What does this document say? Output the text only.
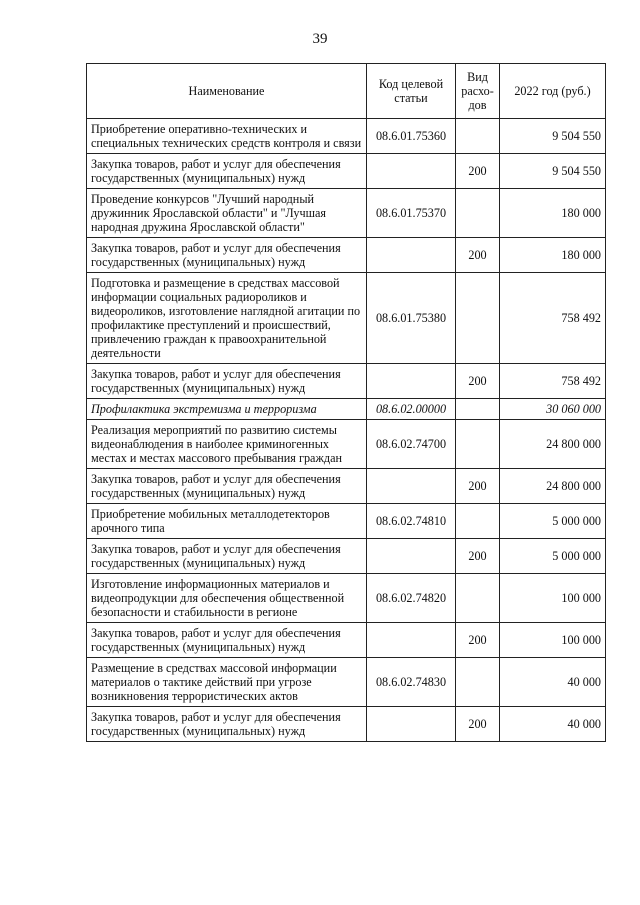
39
Наименование	Код целевой статьи	Вид расхо-дов	2022 год (руб.)
Приобретение оперативно-технических и специальных технических средств контроля и связи	08.6.01.75360		9 504 550
Закупка товаров, работ и услуг для обеспечения государственных (муниципальных) нужд		200	9 504 550
Проведение конкурсов "Лучший народный дружинник Ярославской области" и "Лучшая народная дружина Ярославской области"	08.6.01.75370		180 000
Закупка товаров, работ и услуг для обеспечения государственных (муниципальных) нужд		200	180 000
Подготовка и размещение в средствах массовой информации социальных радиороликов и видеороликов, изготовление наглядной агитации по профилактике преступлений и происшествий, привлечению граждан к правоохранительной деятельности	08.6.01.75380		758 492
Закупка товаров, работ и услуг для обеспечения государственных (муниципальных) нужд		200	758 492
Профилактика экстремизма и терроризма	08.6.02.00000		30 060 000
Реализация мероприятий по развитию системы видеонаблюдения в наиболее криминогенных местах и местах массового пребывания граждан	08.6.02.74700		24 800 000
Закупка товаров, работ и услуг для обеспечения государственных (муниципальных) нужд		200	24 800 000
Приобретение мобильных металлодетекторов арочного типа	08.6.02.74810		5 000 000
Закупка товаров, работ и услуг для обеспечения государственных (муниципальных) нужд		200	5 000 000
Изготовление информационных материалов и видеопродукции для обеспечения общественной безопасности и стабильности в регионе	08.6.02.74820		100 000
Закупка товаров, работ и услуг для обеспечения государственных (муниципальных) нужд		200	100 000
Размещение в средствах массовой информации материалов о тактике действий при угрозе возникновения террористических актов	08.6.02.74830		40 000
Закупка товаров, работ и услуг для обеспечения государственных (муниципальных) нужд		200	40 000
